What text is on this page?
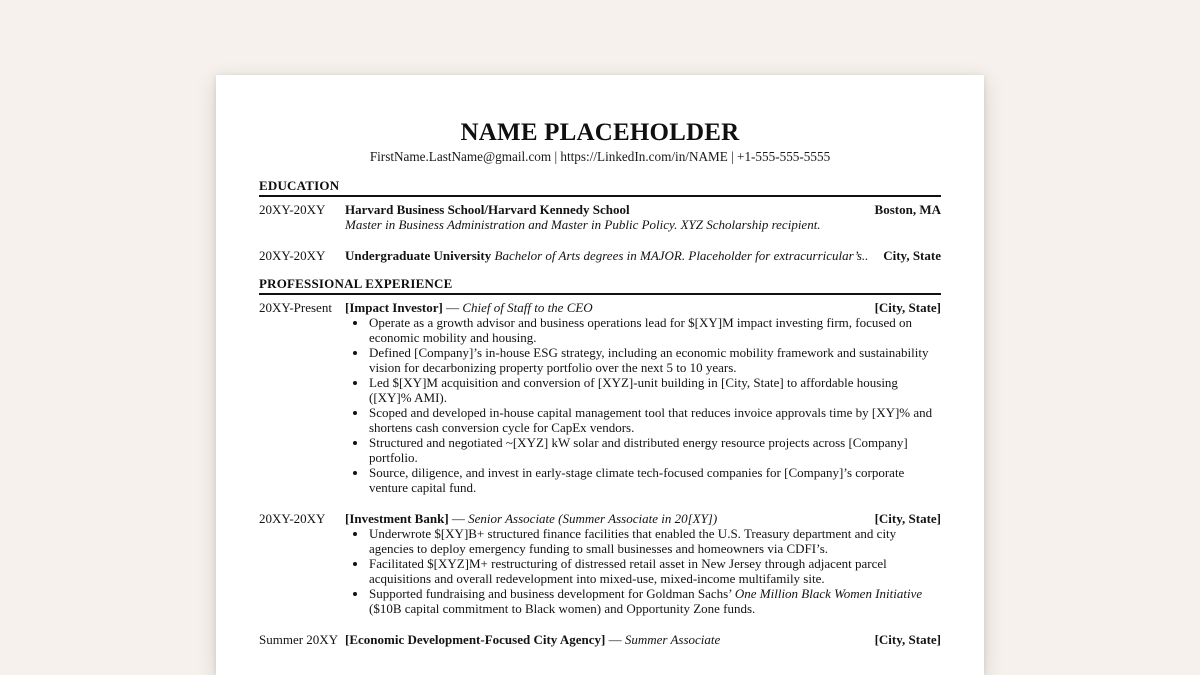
NAME PLACEHOLDER
FirstName.LastName@gmail.com | https://LinkedIn.com/in/NAME | +1-555-555-5555
EDUCATION
20XY-20XY	Harvard Business School/Harvard Kennedy School	Boston, MA
Master in Business Administration and Master in Public Policy. XYZ Scholarship recipient.
20XY-20XY	Undergraduate University Bachelor of Arts degrees in MAJOR. Placeholder for extracurricular’s..	City, State
PROFESSIONAL EXPERIENCE
20XY-Present	[Impact Investor] — Chief of Staff to the CEO	[City, State]
• Operate as a growth advisor and business operations lead for $[XY]M impact investing firm, focused on economic mobility and housing.
• Defined [Company]’s in-house ESG strategy, including an economic mobility framework and sustainability vision for decarbonizing property portfolio over the next 5 to 10 years.
• Led $[XY]M acquisition and conversion of [XYZ]-unit building in [City, State] to affordable housing ([XY]% AMI).
• Scoped and developed in-house capital management tool that reduces invoice approvals time by [XY]% and shortens cash conversion cycle for CapEx vendors.
• Structured and negotiated ~[XYZ] kW solar and distributed energy resource projects across [Company] portfolio.
• Source, diligence, and invest in early-stage climate tech-focused companies for [Company]’s corporate venture capital fund.
20XY-20XY	[Investment Bank] — Senior Associate (Summer Associate in 20[XY])	[City, State]
• Underwrote $[XY]B+ structured finance facilities that enabled the U.S. Treasury department and city agencies to deploy emergency funding to small businesses and homeowners via CDFI’s.
• Facilitated $[XYZ]M+ restructuring of distressed retail asset in New Jersey through adjacent parcel acquisitions and overall redevelopment into mixed-use, mixed-income multifamily site.
• Supported fundraising and business development for Goldman Sachs’ One Million Black Women Initiative ($10B capital commitment to Black women) and Opportunity Zone funds.
Summer 20XY [Economic Development-Focused City Agency] — Summer Associate	[City, State]
